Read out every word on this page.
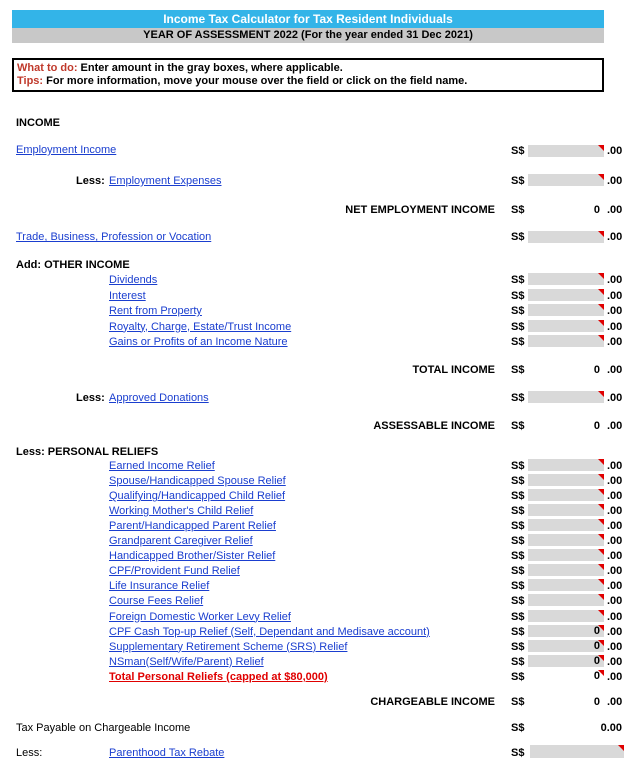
Income Tax Calculator for Tax Resident Individuals
YEAR OF ASSESSMENT 2022 (For the year ended 31 Dec 2021)
What to do: Enter amount in the gray boxes, where applicable.
Tips: For more information, move your mouse over the field or click on the field name.
INCOME
Employment Income	S$	.00
Less: Employment Expenses	S$	.00
NET EMPLOYMENT INCOME S$	0 .00
Trade, Business, Profession or Vocation	S$	.00
Add: OTHER INCOME
Dividends	S$	.00
Interest	S$	.00
Rent from Property	S$	.00
Royalty, Charge, Estate/Trust Income	S$	.00
Gains or Profits of an Income Nature	S$	.00
TOTAL INCOME S$	0 .00
Less: Approved Donations	S$	.00
ASSESSABLE INCOME S$	0 .00
Less: PERSONAL RELIEFS
Earned Income Relief	S$	.00
Spouse/Handicapped Spouse Relief	S$	.00
Qualifying/Handicapped Child Relief	S$	.00
Working Mother's Child Relief	S$	.00
Parent/Handicapped Parent Relief	S$	.00
Grandparent Caregiver Relief	S$	.00
Handicapped Brother/Sister Relief	S$	.00
CPF/Provident Fund Relief	S$	.00
Life Insurance Relief	S$	.00
Course Fees Relief	S$	.00
Foreign Domestic Worker Levy Relief	S$	.00
CPF Cash Top-up Relief (Self, Dependant and Medisave account)	S$	0 .00
Supplementary Retirement Scheme (SRS) Relief	S$	0 .00
NSman(Self/Wife/Parent) Relief	S$	0 .00
Total Personal Reliefs (capped at $80,000)	S$	0 .00
CHARGEABLE INCOME S$	0 .00
Tax Payable on Chargeable Income	S$	0.00
Less:	Parenthood Tax Rebate	S$
